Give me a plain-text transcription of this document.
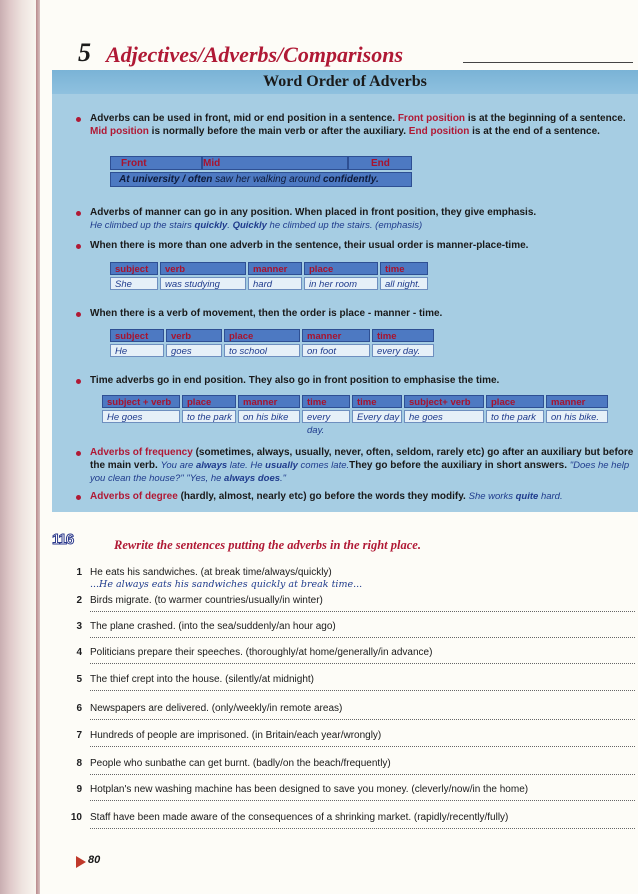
5 Adjectives/Adverbs/Comparisons
Word Order of Adverbs
Adverbs can be used in front, mid or end position in a sentence. Front position is at the beginning of a sentence. Mid position is normally before the main verb or after the auxiliary. End position is at the end of a sentence.
Front	Mid	End
At university / often saw her walking around confidently.
Adverbs of manner can go in any position. When placed in front position, they give emphasis.
He climbed up the stairs quickly. Quickly he climbed up the stairs. (emphasis)
When there is more than one adverb in the sentence, their usual order is manner-place-time.
subject	verb	manner	place	time
She	was studying	hard	in her room	all night.
When there is a verb of movement, then the order is place - manner - time.
subject	verb	place	manner	time
He	goes	to school	on foot	every day.
Time adverbs go in end position. They also go in front position to emphasise the time.
subject + verb	place	manner	time	time	subject+ verb	place	manner
He goes	to the park	on his bike	every day.
Every day	he goes	to the park	on his bike.
Adverbs of frequency (sometimes, always, usually, never, often, seldom, rarely etc) go after an auxiliary but before the main verb. You are always late. He usually comes late.They go before the auxiliary in short answers. "Does he help you clean the house?" "Yes, he always does."
Adverbs of degree (hardly, almost, nearly etc) go before the words they modify. She works quite hard.
116	Rewrite the sentences putting the adverbs in the right place.
1 He eats his sandwiches. (at break time/always/quickly)
...He always eats his sandwiches quickly at break time...
2 Birds migrate. (to warmer countries/usually/in winter)
3 The plane crashed. (into the sea/suddenly/an hour ago)
4 Politicians prepare their speeches. (thoroughly/at home/generally/in advance)
5 The thief crept into the house. (silently/at midnight)
6 Newspapers are delivered. (only/weekly/in remote areas)
7 Hundreds of people are imprisoned. (in Britain/each year/wrongly)
8 People who sunbathe can get burnt. (badly/on the beach/frequently)
9 Hotplan's new washing machine has been designed to save you money. (cleverly/now/in the home)
10 Staff have been made aware of the consequences of a shrinking market. (rapidly/recently/fully)
80
